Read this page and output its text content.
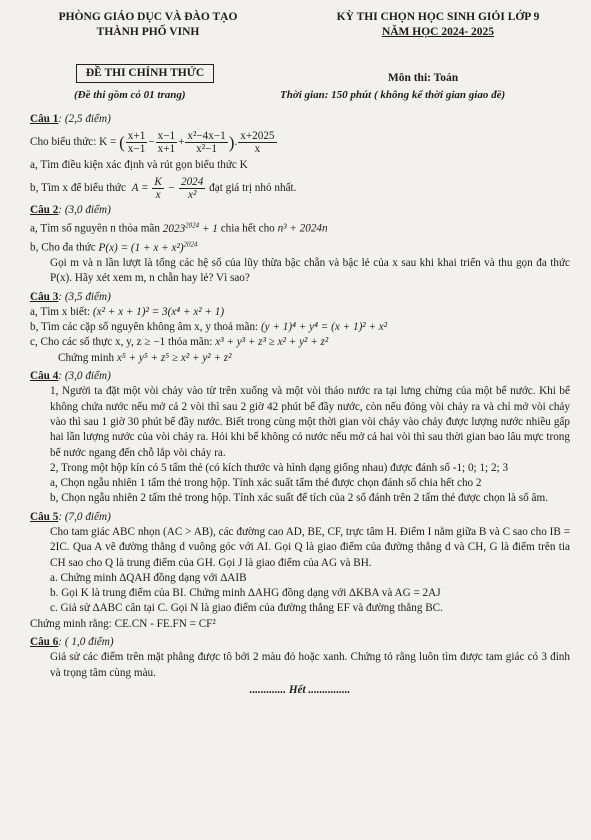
PHÒNG GIÁO DỤC VÀ ĐÀO TẠO
THÀNH PHỐ VINH
KỲ THI CHỌN HỌC SINH GIỎI LỚP 9
NĂM HỌC 2024- 2025
ĐỀ THI CHÍNH THỨC
(Đề thi gồm có 01 trang)
Môn thi: Toán
Thời gian: 150 phút ( không kể thời gian giao đề)
Câu 1: (2,5 điểm)
Cho biểu thức: K = ( $\frac{x+1}{x-1} - \frac{x-1}{x+1} + \frac{\text{x²−4x−1}}{\text{x²−1}}$ ). $\frac{x+2025}{x}$
a, Tìm điều kiện xác định và rút gọn biểu thức K
b, Tìm x để biểu thức  $A = \frac{K}{x} - \frac{2024}{\text{x²}}$ đạt giá trị nhỏ nhất.
Câu 2: (3,0 điểm)
a, Tìm số nguyên n thỏa mãn $2023^{2024} + 1$ chia hết cho n³ + 2024n
b, Cho đa thức $P(x) = (1 + x + x^2)^{2024}$
Gọi m và n lần lượt là tổng các hệ số của lũy thừa bậc chẵn và bậc lẻ của x sau khi khai triển và thu gọn đa thức P(x). Hãy xét xem m, n chẵn hay lẻ? Vì sao?
Câu 3: (3,5 điểm)
a, Tìm x biết: (x² + x + 1)² = 3(x⁴ + x² + 1)
b, Tìm các cặp số nguyên không âm x, y thoả mãn: (y + 1)⁴ + y⁴ = (x + 1)² + x²
c, Cho các số thực x, y, z ≥ −1 thỏa mãn: x³ + y³ + z³ ≥ x² + y² + z²
Chứng minh x⁵ + y⁵ + z⁵ ≥ x² + y² + z²
Câu 4: (3,0 điểm)
1, Người ta đặt một vòi chảy vào từ trên xuống và một vòi tháo nước ra tại lưng chừng của một bể nước. Khi bể không chứa nước nếu mở cả 2 vòi thì sau 2 giờ 42 phút bể đầy nước, còn nếu đóng vòi chảy ra và chỉ mở vòi chảy vào thì sau 1 giờ 30 phút bể đầy nước. Biết trong cùng một thời gian vòi chảy vào chảy được lượng nước nhiều gấp hai lần lượng nước của vòi chảy ra. Hỏi khi bể không có nước nếu mở cả hai vòi thì sau thời gian bao lâu mực trong bể nước ngang đến chỗ lắp vòi chảy ra.
2, Trong một hộp kín có 5 tấm thẻ (có kích thước và hình dạng giống nhau) được đánh số -1; 0; 1; 2; 3
a, Chọn ngẫu nhiên 1 tấm thẻ trong hộp. Tính xác suất tấm thẻ được chọn đánh số chia hết cho 2
b, Chọn ngẫu nhiên 2 tấm thẻ trong hộp. Tính xác suất để tích của 2 số đánh trên 2 tấm thẻ được chọn là số âm.
Câu 5: (7,0 điểm)
Cho tam giác ABC nhọn (AC > AB), các đường cao AD, BE, CF, trực tâm H. Điểm I nằm giữa B và C sao cho IB = 2IC. Qua A vẽ đường thẳng d vuông góc với AI. Gọi Q là giao điểm của đường thẳng d và CH, G là điểm trên tia CH sao cho Q là trung điểm của GH. Gọi J là giao điểm của AG và BH.
a. Chứng minh ∆QAH đồng dạng với ∆AIB
b. Gọi K là trung điểm của BI. Chứng minh ∆AHG đồng dạng với ∆KBA và AG = 2AJ
c. Giả sử ∆ABC cân tại C. Gọi N là giao điểm của đường thẳng EF và đường thẳng BC.
Chứng minh rằng: CE.CN - FE.FN = CF²
Câu 6: ( 1,0 điểm)
Giả sử các điểm trên mặt phẳng được tô bởi 2 màu đỏ hoặc xanh. Chứng tỏ rằng luôn tìm được tam giác có 3 đỉnh và trọng tâm cùng màu.
............. Hết ...............
